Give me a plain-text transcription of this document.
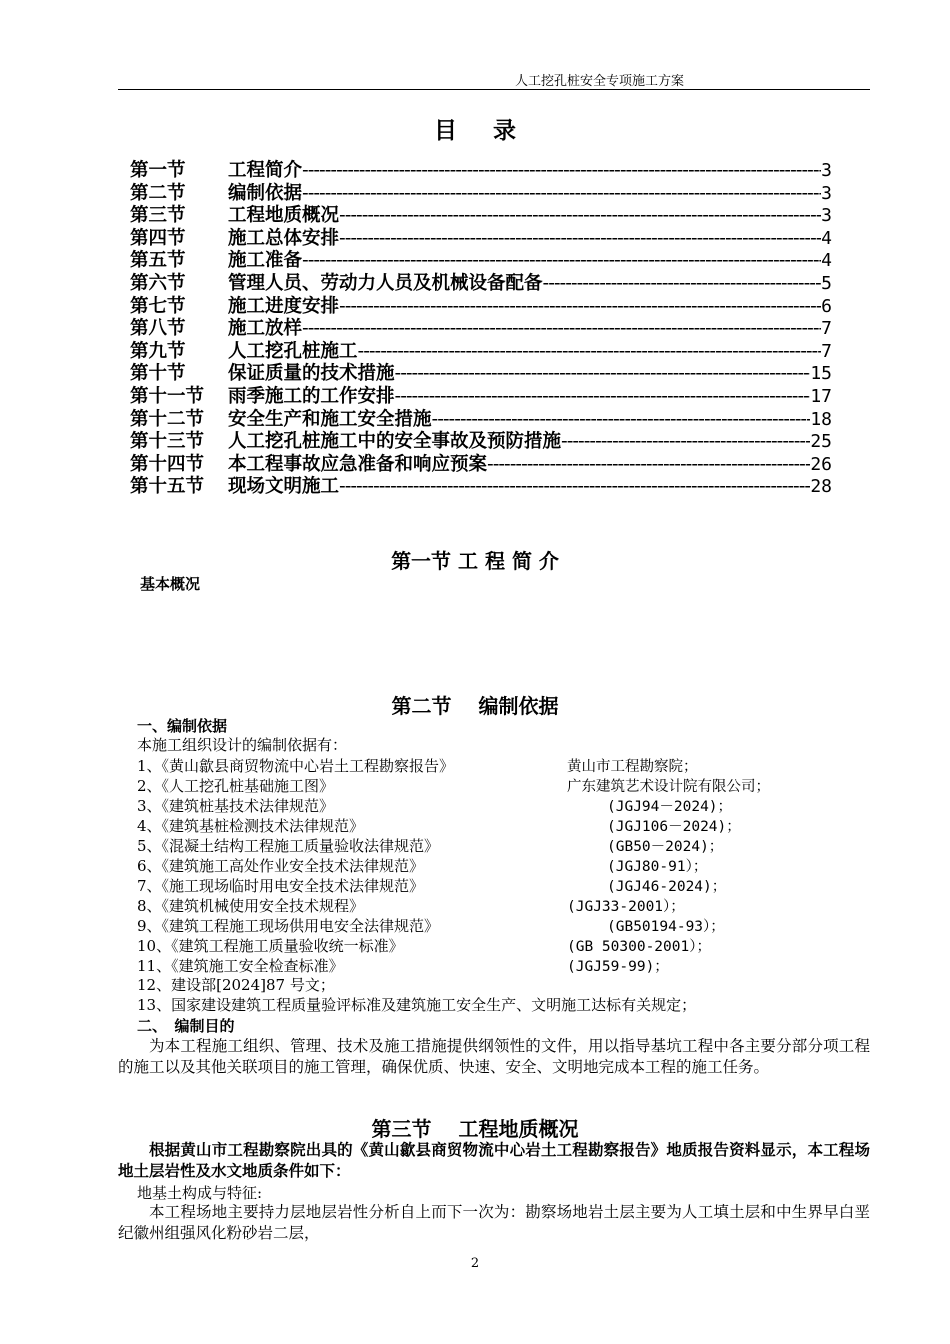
人工挖孔桩安全专项施工方案
目录
第一节	工程简介 -----	3
第二节	编制依据 -----	3
第三节	工程地质概况 -----	3
第四节	施工总体安排 -----	4
第五节	施工准备 -----	4
第六节	管理人员、劳动力人员及机械设备配备 -----	5
第七节	施工进度安排 -----	6
第八节	施工放样 -----	7
第九节	人工挖孔桩施工 -----	7
第十节	保证质量的技术措施 -----	15
第十一节	雨季施工的工作安排 -----	17
第十二节	安全生产和施工安全措施 -----	18
第十三节	人工挖孔桩施工中的安全事故及预防措施 -----	25
第十四节	本工程事故应急准备和响应预案 -----	26
第十五节	现场文明施工 -----	28
第一节 工 程 简 介
基本概况
第二节　 编制依据
一、编制依据
本施工组织设计的编制依据有：
1、《黄山歙县商贸物流中心岩土工程勘察报告》	黄山市工程勘察院；
2、《人工挖孔桩基础施工图》	广东建筑艺术设计院有限公司；
3、《建筑桩基技术法律规范》	(JGJ94－2024)；
4、《建筑基桩检测技术法律规范》	(JGJ106－2024)；
5、《混凝土结构工程施工质量验收法律规范》	(GB50－2024)；
6、《建筑施工高处作业安全技术法律规范》	(JGJ80-91）；
7、《施工现场临时用电安全技术法律规范》	(JGJ46-2024)；
8、《建筑机械使用安全技术规程》	(JGJ33-2001）；
9、《建筑工程施工现场供用电安全法律规范》	(GB50194-93）；
10、《建筑工程施工质量验收统一标准》	(GB 50300-2001）；
11、《建筑施工安全检查标准》	(JGJ59-99)；
12、建设部[2024]87 号文；
13、国家建设建筑工程质量验评标准及建筑施工安全生产、文明施工达标有关规定；
二、　编制目的
为本工程施工组织、管理、技术及施工措施提供纲领性的文件，用以指导基坑工程中各主要分部分项工程的施工以及其他关联项目的施工管理，确保优质、快速、安全、文明地完成本工程的施工任务。
第三节　 工程地质概况
根据黄山市工程勘察院出具的《黄山歙县商贸物流中心岩土工程勘察报告》地质报告资料显示，本工程场地土层岩性及水文地质条件如下：
地基土构成与特征:
本工程场地主要持力层地层岩性分析自上而下一次为：勘察场地岩土层主要为人工填土层和中生界早白垩纪徽州组强风化粉砂岩二层，
2
